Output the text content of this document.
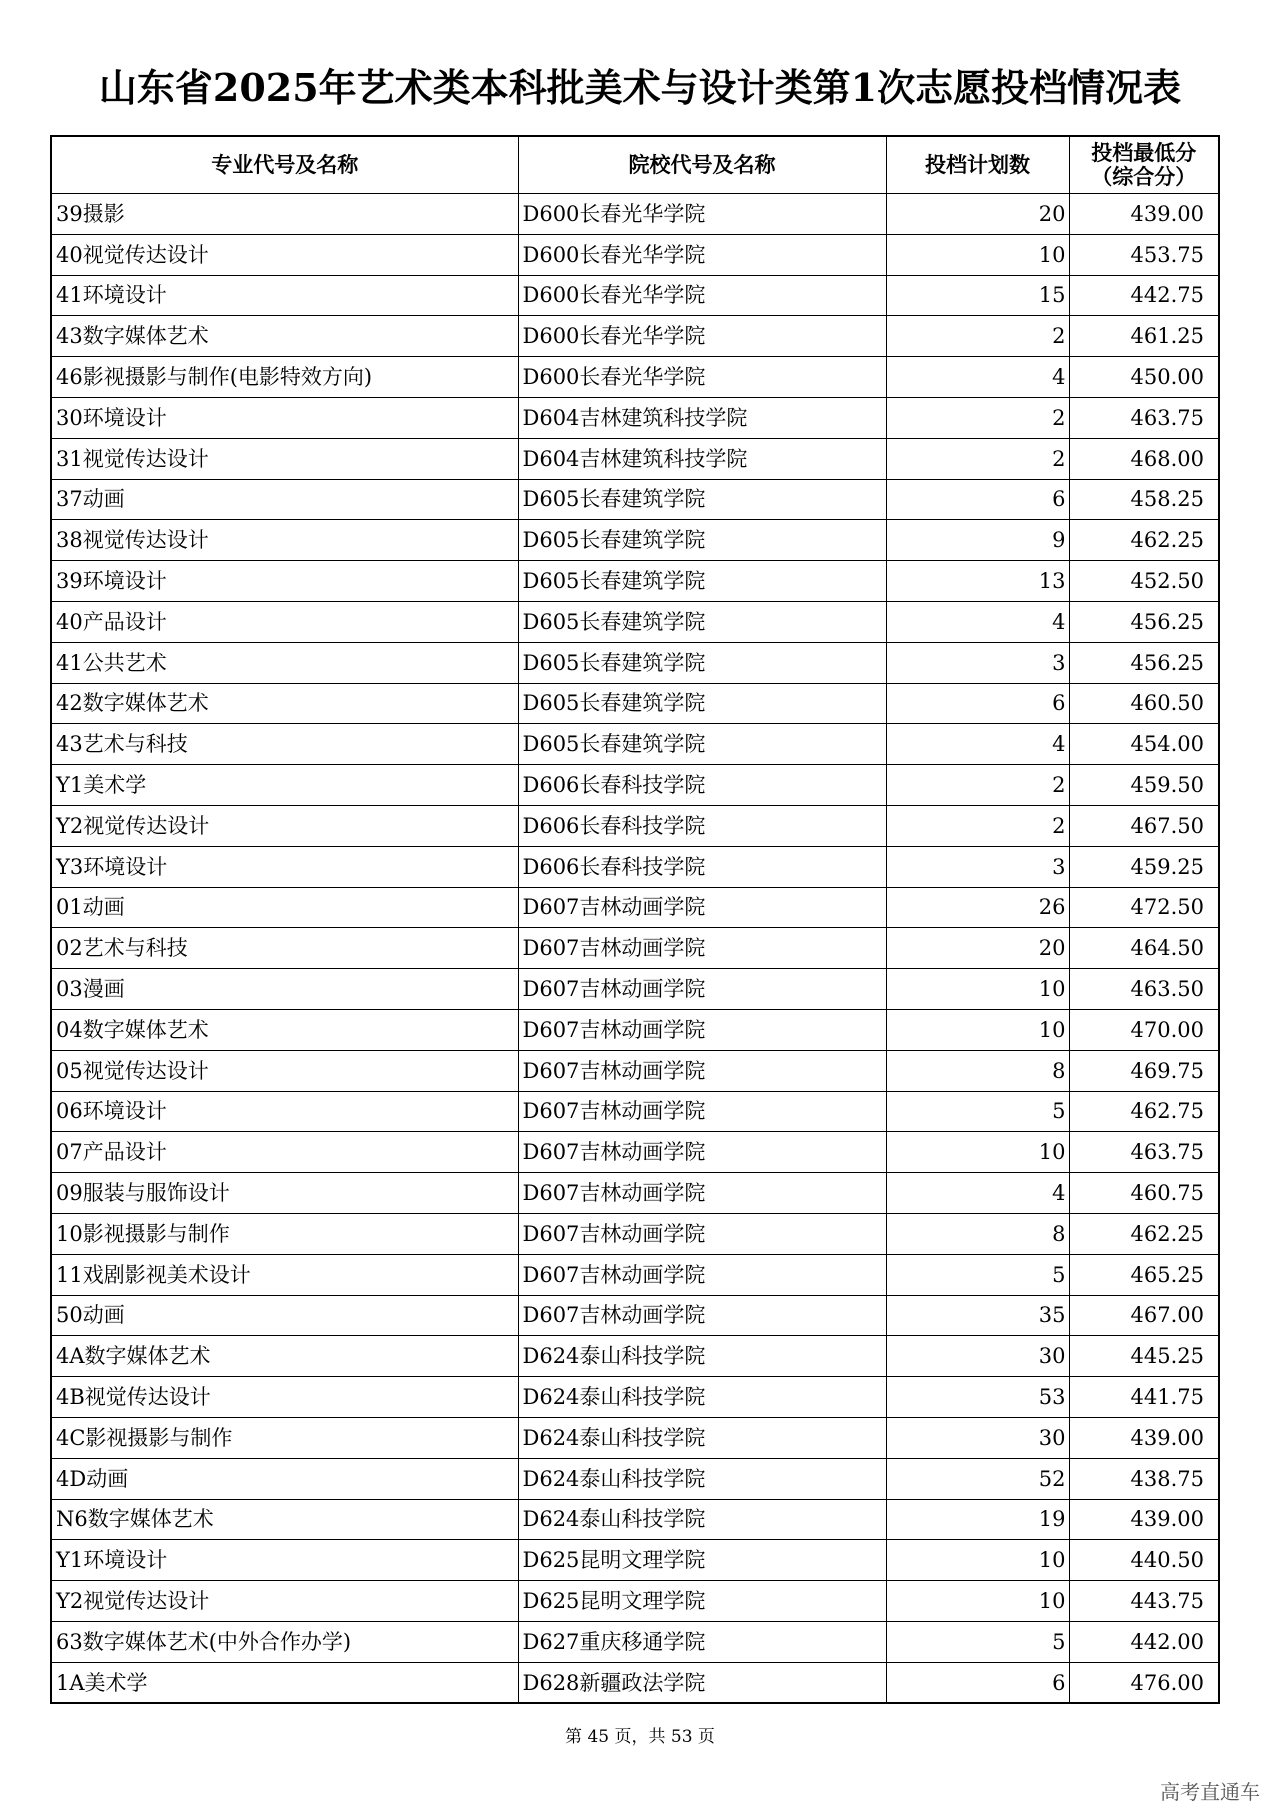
山东省2025年艺术类本科批美术与设计类第1次志愿投档情况表
专业代号及名称	院校代号及名称	投档计划数	投档最低分
（综合分）

39摄影	D600长春光华学院	20	439.00
40视觉传达设计	D600长春光华学院	10	453.75
41环境设计	D600长春光华学院	15	442.75
43数字媒体艺术	D600长春光华学院	2	461.25
46影视摄影与制作(电影特效方向)	D600长春光华学院	4	450.00
30环境设计	D604吉林建筑科技学院	2	463.75
31视觉传达设计	D604吉林建筑科技学院	2	468.00
37动画	D605长春建筑学院	6	458.25
38视觉传达设计	D605长春建筑学院	9	462.25
39环境设计	D605长春建筑学院	13	452.50
40产品设计	D605长春建筑学院	4	456.25
41公共艺术	D605长春建筑学院	3	456.25
42数字媒体艺术	D605长春建筑学院	6	460.50
43艺术与科技	D605长春建筑学院	4	454.00
Y1美术学	D606长春科技学院	2	459.50
Y2视觉传达设计	D606长春科技学院	2	467.50
Y3环境设计	D606长春科技学院	3	459.25
01动画	D607吉林动画学院	26	472.50
02艺术与科技	D607吉林动画学院	20	464.50
03漫画	D607吉林动画学院	10	463.50
04数字媒体艺术	D607吉林动画学院	10	470.00
05视觉传达设计	D607吉林动画学院	8	469.75
06环境设计	D607吉林动画学院	5	462.75
07产品设计	D607吉林动画学院	10	463.75
09服装与服饰设计	D607吉林动画学院	4	460.75
10影视摄影与制作	D607吉林动画学院	8	462.25
11戏剧影视美术设计	D607吉林动画学院	5	465.25
50动画	D607吉林动画学院	35	467.00
4A数字媒体艺术	D624泰山科技学院	30	445.25
4B视觉传达设计	D624泰山科技学院	53	441.75
4C影视摄影与制作	D624泰山科技学院	30	439.00
4D动画	D624泰山科技学院	52	438.75
N6数字媒体艺术	D624泰山科技学院	19	439.00
Y1环境设计	D625昆明文理学院	10	440.50
Y2视觉传达设计	D625昆明文理学院	10	443.75
63数字媒体艺术(中外合作办学)	D627重庆移通学院	5	442.00
1A美术学	D628新疆政法学院	6	476.00
第 45 页，共 53 页
高考直通车
